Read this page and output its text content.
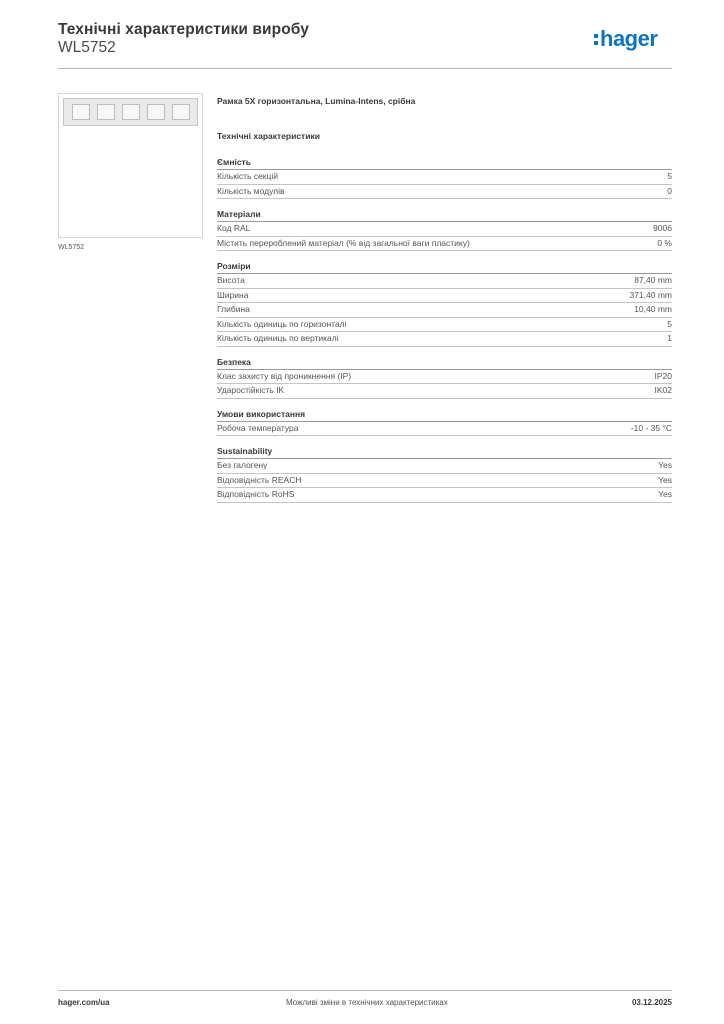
Технічні характеристики виробу
WL5752	hager
WL5752
Рамка 5X горизонтальна, Lumina-Intens, срібна
Технічні характеристики
Ємність
Кількість секцій	5
Кількість модулів	0
Матеріали
Код RAL	9006
Містить перероблений матеріал (% від загальної ваги пластику)	0 %
Розміри
Висота	87,40 mm
Ширина	371,40 mm
Глибина	10,40 mm
Кількість одиниць по горизонталі	5
Кількість одиниць по вертикалі	1
Безпека
Клас захисту від проникнення (IP)	IP20
Ударостійкість IK	IK02
Умови використання
Робоча температура	-10 - 35 °C
Sustainability
Без галогену	Yes
Відповідність REACH	Yes
Відповідність RoHS	Yes
hager.com/ua	Можливі зміни в технічних характеристиках	03.12.2025
